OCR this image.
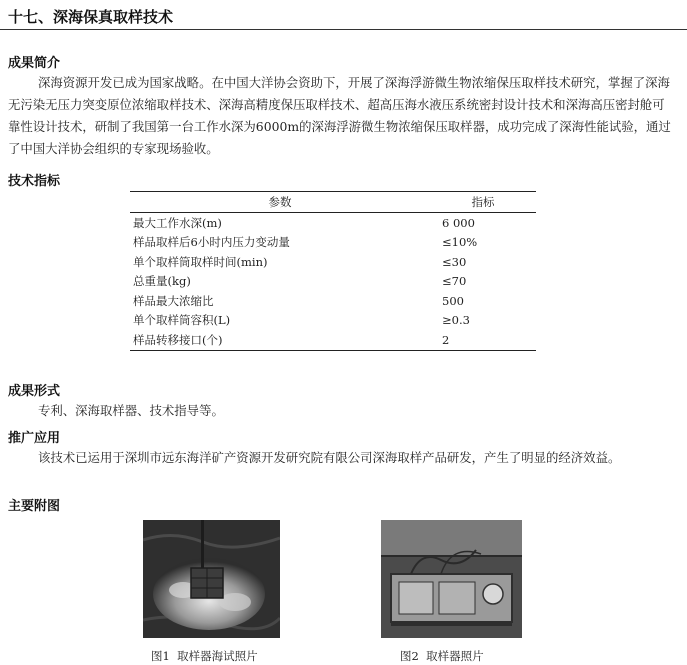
十七、深海保真取样技术
成果简介
深海资源开发已成为国家战略。在中国大洋协会资助下，开展了深海浮游微生物浓缩保压取样技术研究，掌握了深海无污染无压力突变原位浓缩取样技术、深海高精度保压取样技术、超高压海水液压系统密封设计技术和深海高压密封舱可靠性设计技术，研制了我国第一台工作水深为6000m的深海浮游微生物浓缩保压取样器，成功完成了深海性能试验，通过了中国大洋协会组织的专家现场验收。
技术指标
参数	指标
最大工作水深(m)	6 000
样品取样后6小时内压力变动量	≤10%
单个取样筒取样时间(min)	≤30
总重量(kg)	≤70
样品最大浓缩比	500
单个取样筒容积(L)	≥0.3
样品转移接口(个)	2
成果形式
专利、深海取样器、技术指导等。
推广应用
该技术已运用于深圳市远东海洋矿产资源开发研究院有限公司深海取样产品研发，产生了明显的经济效益。
主要附图
图1  取样器海试照片	图2  取样器照片
